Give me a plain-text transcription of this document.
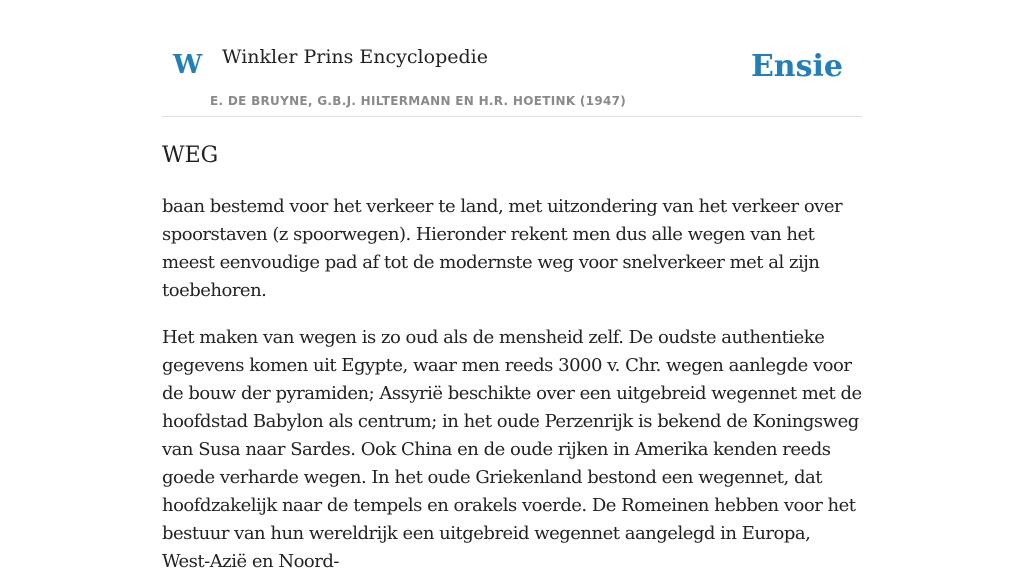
W Winkler Prins Encyclopedie
E. DE BRUYNE, G.B.J. HILTERMANN EN H.R. HOETINK (1947)
Ensie
WEG

baan bestemd voor het verkeer te land, met uitzondering van het verkeer over spoorstaven (z spoorwegen). Hieronder rekent men dus alle wegen van het meest eenvoudige pad af tot de modernste weg voor snelverkeer met al zijn toebehoren.

Het maken van wegen is zo oud als de mensheid zelf. De oudste authentieke gegevens komen uit Egypte, waar men reeds 3000 v. Chr. wegen aanlegde voor de bouw der pyramiden; Assyrië beschikte over een uitgebreid wegennet met de hoofdstad Babylon als centrum; in het oude Perzenrijk is bekend de Koningsweg van Susa naar Sardes. Ook China en de oude rijken in Amerika kenden reeds goede verharde wegen. In het oude Griekenland bestond een wegennet, dat hoofdzakelijk naar de tempels en orakels voerde. De Romeinen hebben voor het bestuur van hun wereldrijk een uitgebreid wegennet aangelegd in Europa, West-Azië en Noord-
